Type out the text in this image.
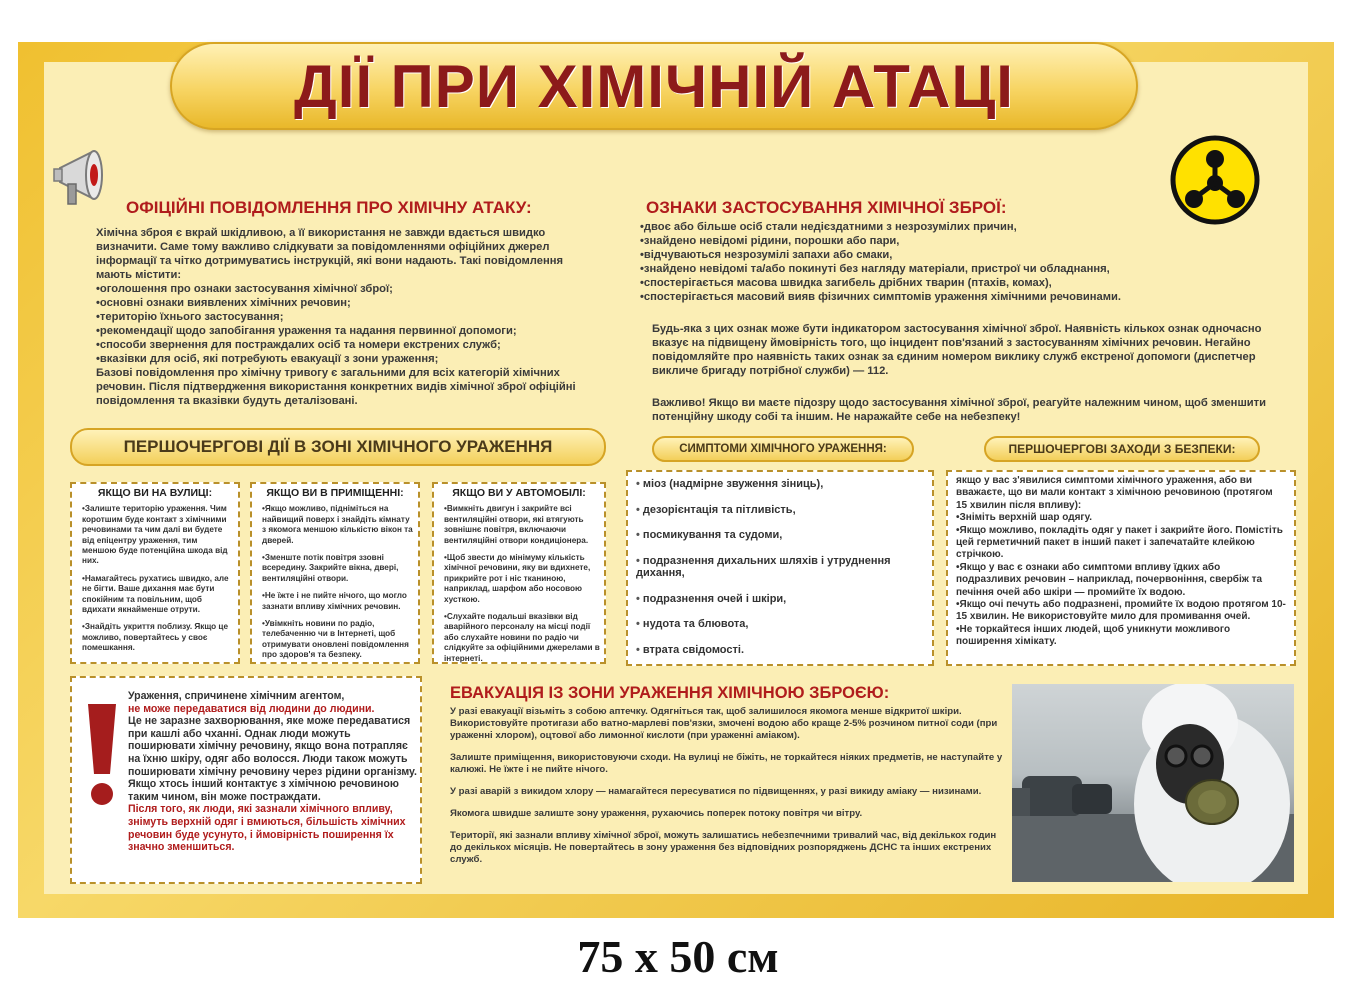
ДІЇ ПРИ ХІМІЧНІЙ АТАЦІ
ОФІЦІЙНІ ПОВІДОМЛЕННЯ ПРО ХІМІЧНУ АТАКУ:
Хімічна зброя є вкрай шкідливою, а її використання не завжди вдається швидко визначити. Саме тому важливо слідкувати за повідомленнями офіційних джерел інформації та чітко дотримуватись інструкцій, які вони надають. Такі повідомлення мають містити:
• оголошення про ознаки застосування хімічної зброї;
• основні ознаки виявлених хімічних речовин;
• територію їхнього застосування;
• рекомендації щодо запобігання ураження та надання первинної допомоги;
• способи звернення для постраждалих осіб та номери екстрених служб;
• вказівки для осіб, які потребують евакуації з зони ураження;
Базові повідомлення про хімічну тривогу є загальними для всіх категорій хімічних речовин. Після підтвердження використання конкретних видів хімічної зброї офіційні повідомлення та вказівки будуть деталізовані.
ОЗНАКИ ЗАСТОСУВАННЯ ХІМІЧНОЇ ЗБРОЇ:
• двоє або більше осіб стали недієздатними з незрозумілих причин,
• знайдено невідомі рідини, порошки або пари,
• відчуваються незрозумілі запахи або смаки,
• знайдено невідомі та/або покинуті без нагляду матеріали, пристрої чи обладнання,
• спостерігається масова швидка загибель дрібних тварин (птахів, комах),
• спостерігається масовий вияв фізичних симптомів ураження хімічними речовинами.
Будь-яка з цих ознак може бути індикатором застосування хімічної зброї. Наявність кількох ознак одночасно вказує на підвищену ймовірність того, що інцидент пов'язаний з застосуванням хімічних речовин. Негайно повідомляйте про наявність таких ознак за єдиним номером виклику служб екстреної допомоги (диспетчер викличе бригаду потрібної служби) — 112.
Важливо! Якщо ви маєте підозру щодо застосування хімічної зброї, реагуйте належним чином, щоб зменшити потенційну шкоду собі та іншим. Не наражайте себе на небезпеку!
ПЕРШОЧЕРГОВІ ДІЇ В ЗОНІ ХІМІЧНОГО УРАЖЕННЯ
ЯКЩО ВИ НА ВУЛИЦІ:

• Залиште територію ураження. Чим коротшим буде контакт з хімічними речовинами та чим далі ви будете від епіцентру ураження, тим меншою буде потенційна шкода від них.

• Намагайтесь рухатись швидко, але не бігти. Ваше дихання має бути спокійним та повільним, щоб вдихати якнайменше отрути.

• Знайдіть укриття поблизу. Якщо це можливо, повертайтесь у своє помешкання.

ЯКЩО ВИ В ПРИМІЩЕННІ:

• Якщо можливо, підніміться на найвищий поверх і знайдіть кімнату з якомога меншою кількістю вікон та дверей.

• Зменште потік повітря ззовні всередину. Закрийте вікна, двері, вентиляційні отвори.

• Не їжте і не пийте нічого, що могло зазнати впливу хімічних речовин.

• Увімкніть новини по радіо, телебаченню чи в Інтернеті, щоб отримувати оновлені повідомлення про здоров'я та безпеку.

ЯКЩО ВИ У АВТОМОБІЛІ:

• Вимкніть двигун і закрийте всі вентиляційні отвори, які втягують зовнішнє повітря, включаючи вентиляційні отвори кондиціонера.

• Щоб звести до мінімуму кількість хімічної речовини, яку ви вдихнете, прикрийте рот і ніс тканиною, наприклад, шарфом або носовою хусткою.

• Слухайте подальші вказівки від аварійного персоналу на місці події або слухайте новини по радіо чи слідкуйте за офіційними джерелами в інтернеті.

СИМПТОМИ ХІМІЧНОГО УРАЖЕННЯ:
• міоз (надмірне звуження зіниць),
• дезорієнтація та пітливість,
• посмикування та судоми,
• подразнення дихальних шляхів і утруднення дихання,
• подразнення очей і шкіри,
• нудота та блювота,
• втрата свідомості.
ПЕРШОЧЕРГОВІ ЗАХОДИ З БЕЗПЕКИ:
якщо у вас з'явилися симптоми хімічного ураження, або ви вважаєте, що ви мали контакт з хімічною речовиною (протягом 15 хвилин після впливу):
• Зніміть верхній шар одягу.
• Якщо можливо, покладіть одяг у пакет і закрийте його. Помістіть цей герметичний пакет в інший пакет і запечатайте клейкою стрічкою.
• Якщо у вас є ознаки або симптоми впливу їдких або подразливих речовин – наприклад, почервоніння, свербіж та печіння очей або шкіри — промийте їх водою.
• Якщо очі печуть або подразнені, промийте їх водою протягом 10-15 хвилин. Не використовуйте мило для промивання очей.
• Не торкайтеся інших людей, щоб уникнути можливого поширення хімікату.
Ураження, спричинене хімічним агентом,
не може передаватися від людини до людини.
Це не заразне захворювання, яке може передаватися при кашлі або чханні. Однак люди можуть поширювати хімічну речовину, якщо вона потрапляє на їхню шкіру, одяг або волосся. Люди також можуть поширювати хімічну речовину через рідини організму. Якщо хтось інший контактує з хімічною речовиною таким чином, він може постраждати.
Після того, як люди, які зазнали хімічного впливу, знімуть верхній одяг і вмиються, більшість хімічних речовин буде усунуто, і ймовірність поширення їх значно зменшиться.
ЕВАКУАЦІЯ ІЗ ЗОНИ УРАЖЕННЯ ХІМІЧНОЮ ЗБРОЄЮ:
У разі евакуації візьміть з собою аптечку. Одягніться так, щоб залишилося якомога менше відкритої шкіри. Використовуйте протигази або ватно-марлеві пов'язки, змочені водою або краще 2-5% розчином питної соди (при ураженні хлором), оцтової або лимонної кислоти (при ураженні аміаком).
Залиште приміщення, використовуючи сходи. На вулиці не біжіть, не торкайтеся ніяких предметів, не наступайте у калюжі. Не їжте і не пийте нічого.
У разі аварій з викидом хлору — намагайтеся пересуватися по підвищеннях, у разі викиду аміаку — низинами.
Якомога швидше залиште зону ураження, рухаючись поперек потоку повітря чи вітру.
Території, які зазнали впливу хімічної зброї, можуть залишатись небезпечними тривалий час, від декількох годин до декількох місяців. Не повертайтесь в зону ураження без відповідних розпоряджень ДСНС та інших екстрених служб.
75 x 50 см
